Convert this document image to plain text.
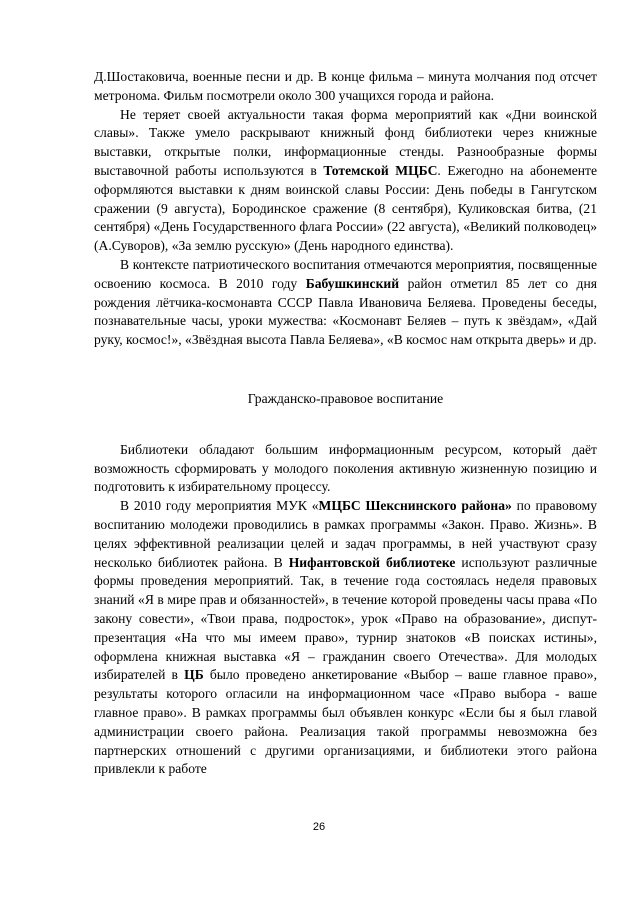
Д.Шостаковича, военные песни и др. В конце фильма – минута молчания под отсчет метронома. Фильм посмотрели около 300 учащихся города и района.

Не теряет своей актуальности такая форма мероприятий как «Дни воинской славы». Также умело раскрывают книжный фонд библиотеки через книжные выставки, открытые полки, информационные стенды. Разнообразные формы выставочной работы используются в Тотемской МЦБС. Ежегодно на абонементе оформляются выставки к дням воинской славы России: День победы в Гангутском сражении (9 августа), Бородинское сражение (8 сентября), Куликовская битва, (21 сентября) «День Государственного флага России» (22 августа), «Великий полководец» (А.Суворов), «За землю русскую» (День народного единства).

В контексте патриотического воспитания отмечаются мероприятия, посвященные освоению космоса. В 2010 году Бабушкинский район отметил 85 лет со дня рождения лётчика-космонавта СССР Павла Ивановича Беляева. Проведены беседы, познавательные часы, уроки мужества: «Космонавт Беляев – путь к звёздам», «Дай руку, космос!», «Звёздная высота Павла Беляева», «В космос нам открыта дверь» и др.

Гражданско-правовое воспитание

Библиотеки обладают большим информационным ресурсом, который даёт возможность сформировать у молодого поколения активную жизненную позицию и подготовить к избирательному процессу.

В 2010 году мероприятия МУК «МЦБС Шекснинского района» по правовому воспитанию молодежи проводились в рамках программы «Закон. Право. Жизнь». В целях эффективной реализации целей и задач программы, в ней участвуют сразу несколько библиотек района. В Нифантовской библиотеке используют различные формы проведения мероприятий. Так, в течение года состоялась неделя правовых знаний «Я в мире прав и обязанностей», в течение которой проведены часы права «По закону совести», «Твои права, подросток», урок «Право на образование», диспут-презентация «На что мы имеем право», турнир знатоков «В поисках истины», оформлена книжная выставка «Я – гражданин своего Отечества». Для молодых избирателей в ЦБ было проведено анкетирование «Выбор – ваше главное право», результаты которого огласили на информационном часе «Право выбора - ваше главное право». В рамках программы был объявлен конкурс «Если бы я был главой администрации своего района. Реализация такой программы невозможна без партнерских отношений с другими организациями, и библиотеки этого района привлекли к работе

26
